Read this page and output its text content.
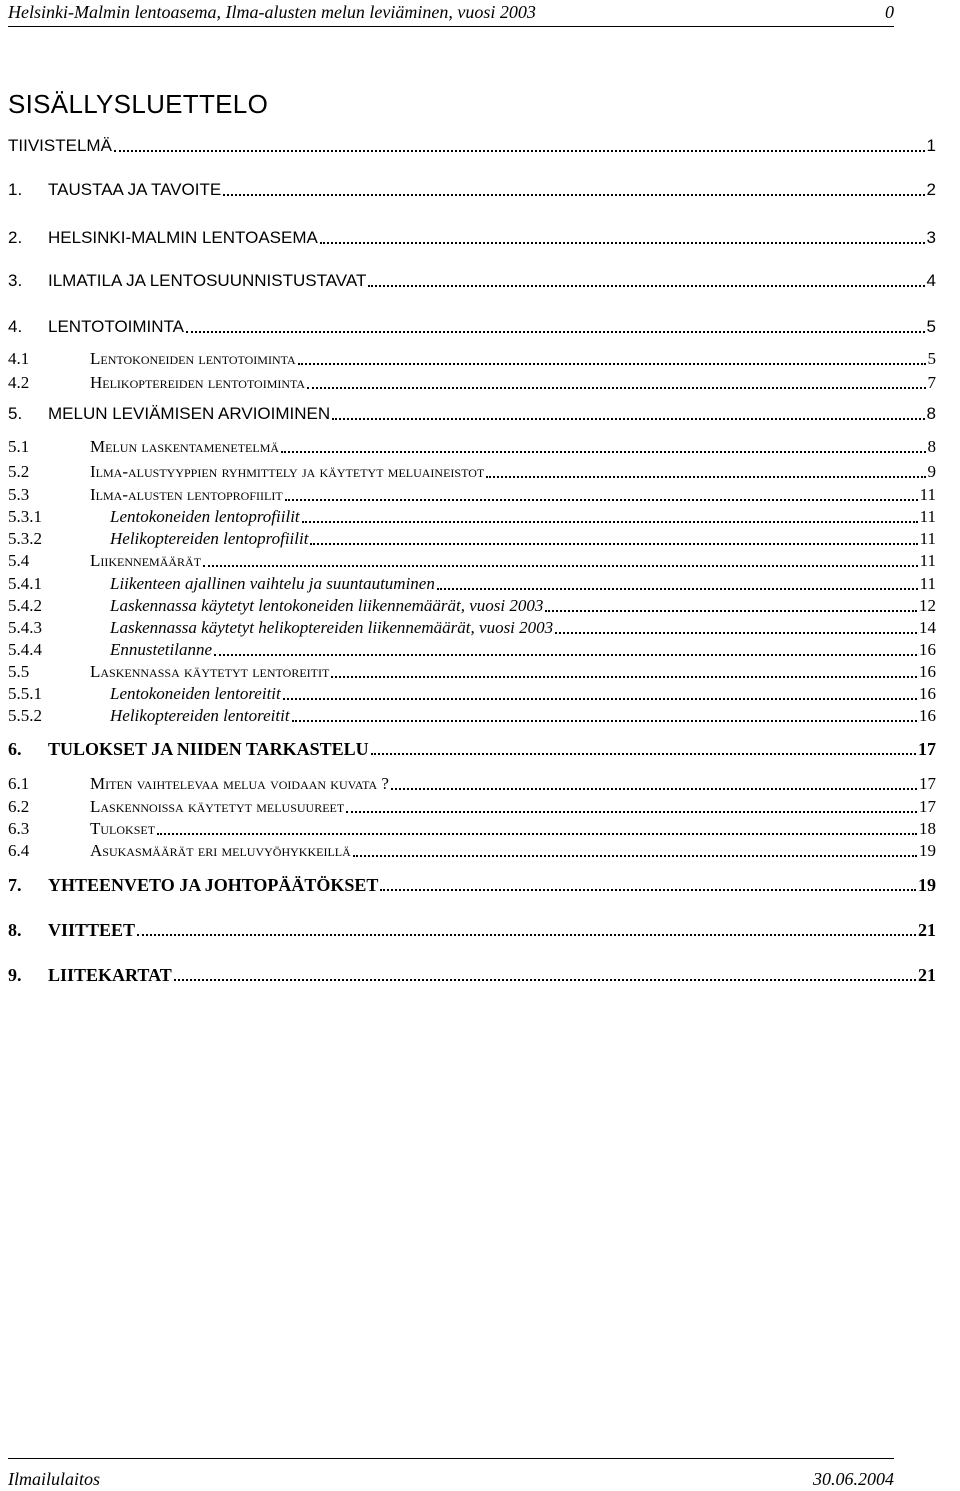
Helsinki-Malmin lentoasema, Ilma-alusten melun leviäminen, vuosi 2003	0
SISÄLLYSLUETTELO
TIIVISTELMÄ	1
1.	TAUSTAA JA TAVOITE	2
2.	HELSINKI-MALMIN LENTOASEMA	3
3.	ILMATILA JA LENTOSUUNNISTUSTAVAT	4
4.	LENTOTOIMINTA	5
4.1	Lentokoneiden lentotoiminta	5
4.2	Helikoptereiden lentotoiminta	7
5.	MELUN LEVIÄMISEN ARVIOIMINEN	8
5.1	Melun laskentamenetelmä	8
5.2	Ilma-alustyyppien ryhmittely ja käytetyt meluaineistot	9
5.3	Ilma-alusten lentoprofiilit	11
5.3.1	Lentokoneiden lentoprofiilit	11
5.3.2	Helikoptereiden lentoprofiilit	11
5.4	Liikennemäärät	11
5.4.1	Liikenteen ajallinen vaihtelu ja suuntautuminen	11
5.4.2	Laskennassa käytetyt lentokoneiden liikennemäärät, vuosi 2003	12
5.4.3	Laskennassa käytetyt helikoptereiden liikennemäärät, vuosi 2003	14
5.4.4	Ennustetilanne	16
5.5	Laskennassa käytetyt lentoreitit	16
5.5.1	Lentokoneiden lentoreitit	16
5.5.2	Helikoptereiden lentoreitit	16
6.	TULOKSET JA NIIDEN TARKASTELU	17
6.1	Miten vaihtelevaa melua voidaan kuvata ?	17
6.2	Laskennoissa käytetyt melusuureet	17
6.3	Tulokset	18
6.4	Asukasmäärät eri meluvyöhykkeillä	19
7.	YHTEENVETO JA JOHTOPÄÄTÖKSET	19
8.	VIITTEET	21
9.	LIITEKARTAT	21
Ilmailulaitos	30.06.2004
